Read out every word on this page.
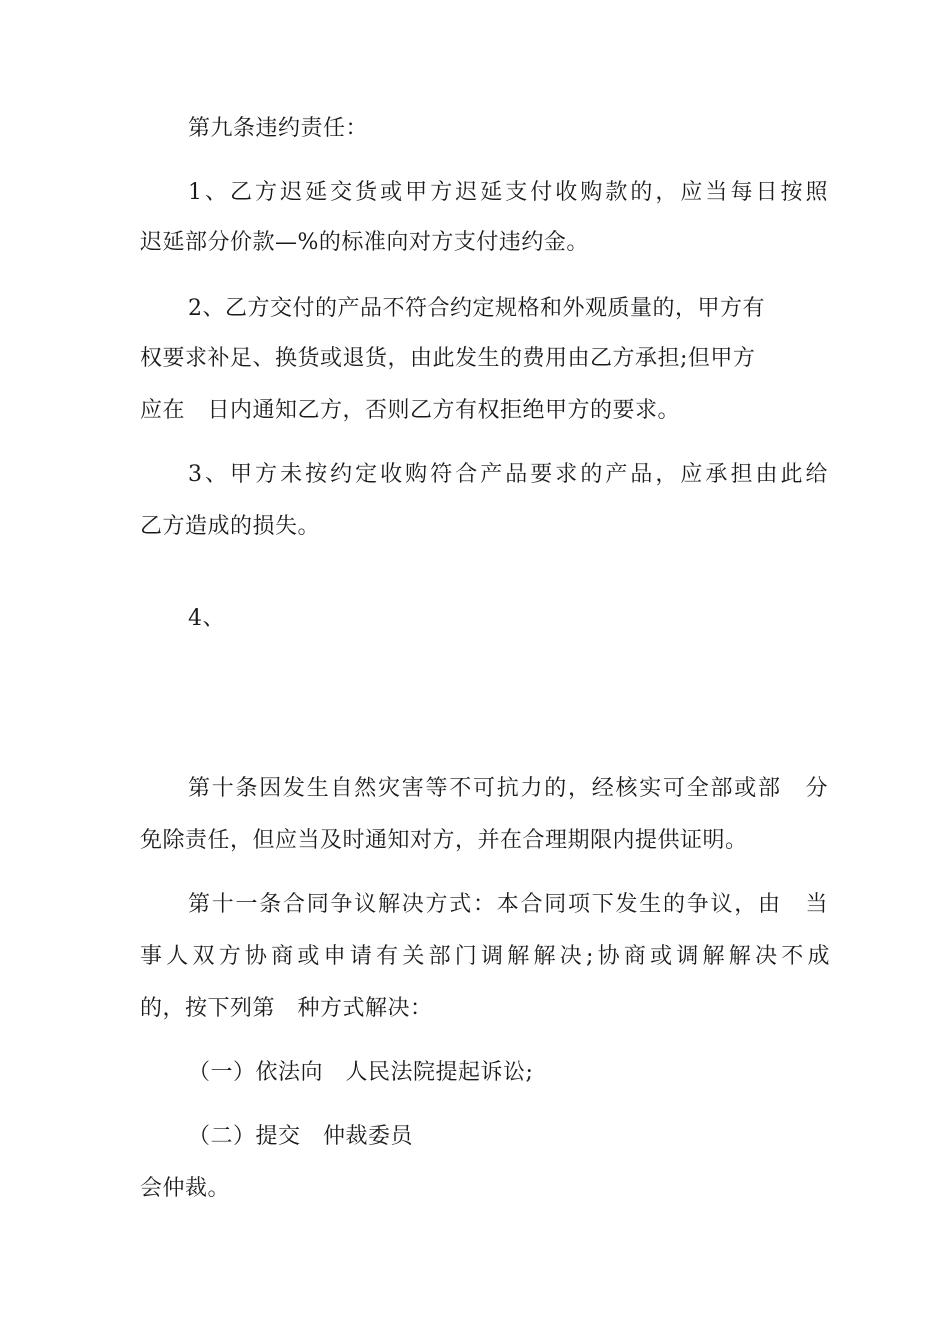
第九条违约责任：
1、乙方迟延交货或甲方迟延支付收购款的，应当每日按照
迟延部分价款—%的标准向对方支付违约金。
2、乙方交付的产品不符合约定规格和外观质量的，甲方有
权要求补足、换货或退货，由此发生的费用由乙方承担;但甲方
应在　日内通知乙方，否则乙方有权拒绝甲方的要求。
3、甲方未按约定收购符合产品要求的产品，应承担由此给
乙方造成的损失。
4、
第十条因发生自然灾害等不可抗力的，经核实可全部或部　分
免除责任，但应当及时通知对方，并在合理期限内提供证明。
第十一条合同争议解决方式：本合同项下发生的争议，由　当
事人双方协商或申请有关部门调解解决;协商或调解解决不成
的，按下列第　种方式解决：
（一）依法向　人民法院提起诉讼;
（二）提交　仲裁委员
会仲裁。
